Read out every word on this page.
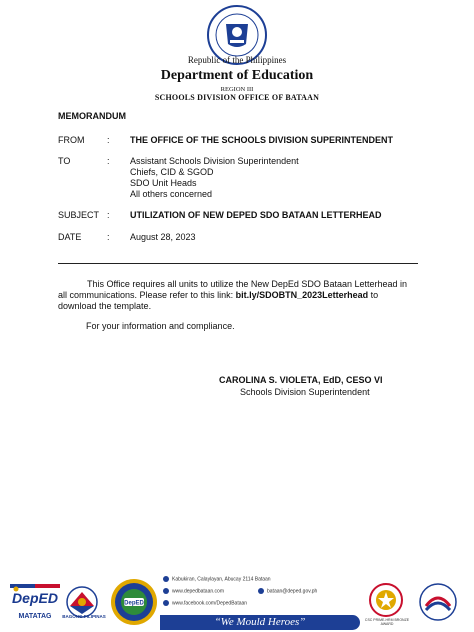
Republic of the Philippines
Department of Education
REGION III
SCHOOLS DIVISION OFFICE OF BATAAN
MEMORANDUM
FROM	: THE OFFICE OF THE SCHOOLS DIVISION SUPERINTENDENT
TO	: Assistant Schools Division Superintendent
Chiefs, CID & SGOD
SDO Unit Heads
All others concerned
SUBJECT : UTILIZATION OF NEW DEPED SDO BATAAN LETTERHEAD
DATE	: August 28, 2023
This Office requires all units to utilize the New DepEd SDO Bataan Letterhead in all communications. Please refer to this link: bit.ly/SDOBTN_2023Letterhead to download the template.
For your information and compliance.
CAROLINA S. VIOLETA, EdD, CESO VI
Schools Division Superintendent
DepED
MATATAG	BAGONG PILIPINAS
DepED
Kabukiran, Calaylayan, Abucay 2114 Bataan
www.depedbataan.com	bataan@deped.gov.ph
www.facebook.com/DepedBataan
“We Mould Heroes”	CSC PRIME-HRM BRONZE AWARD
